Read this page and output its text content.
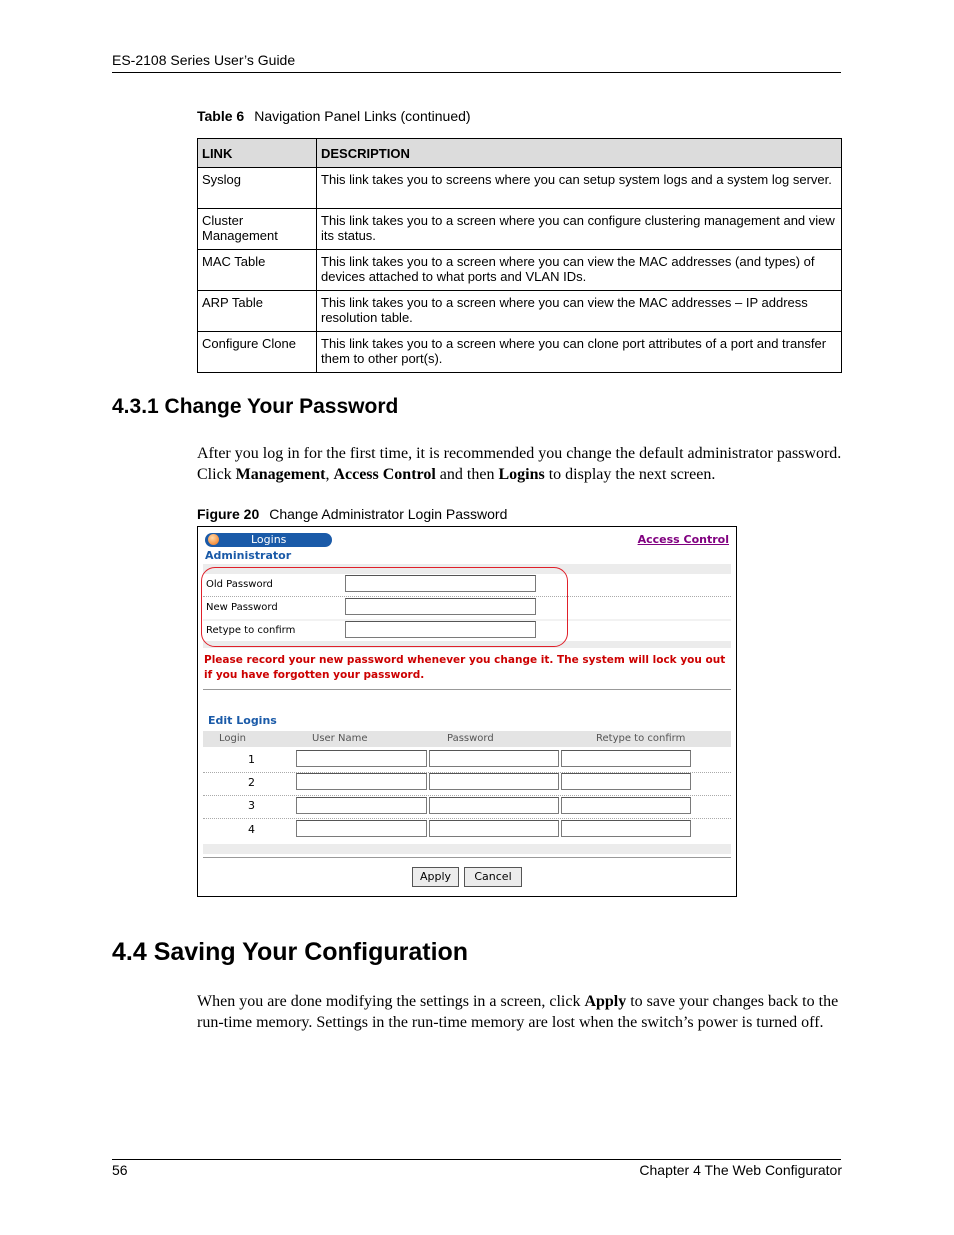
ES-2108 Series User’s Guide
Table 6 Navigation Panel Links (continued)
LINK	DESCRIPTION
Syslog	This link takes you to screens where you can setup system logs and a system log server.
Cluster Management	This link takes you to a screen where you can configure clustering management and view its status.
MAC Table	This link takes you to a screen where you can view the MAC addresses (and types) of devices attached to what ports and VLAN IDs.
ARP Table	This link takes you to a screen where you can view the MAC addresses – IP address resolution table.
Configure Clone	This link takes you to a screen where you can clone port attributes of a port and transfer them to other port(s).
4.3.1 Change Your Password
After you log in for the first time, it is recommended you change the default administrator password. Click Management, Access Control and then Logins to display the next screen.
Figure 20 Change Administrator Login Password
Logins
Administrator
Access Control
Old Password
New Password
Retype to confirm
Please record your new password whenever you change it. The system will lock you out if you have forgotten your password.
Edit Logins
Login	User Name	Password	Retype to confirm
1
2
3
4
Apply	Cancel
4.4 Saving Your Configuration
When you are done modifying the settings in a screen, click Apply to save your changes back to the run-time memory. Settings in the run-time memory are lost when the switch’s power is turned off.
56	Chapter 4 The Web Configurator
